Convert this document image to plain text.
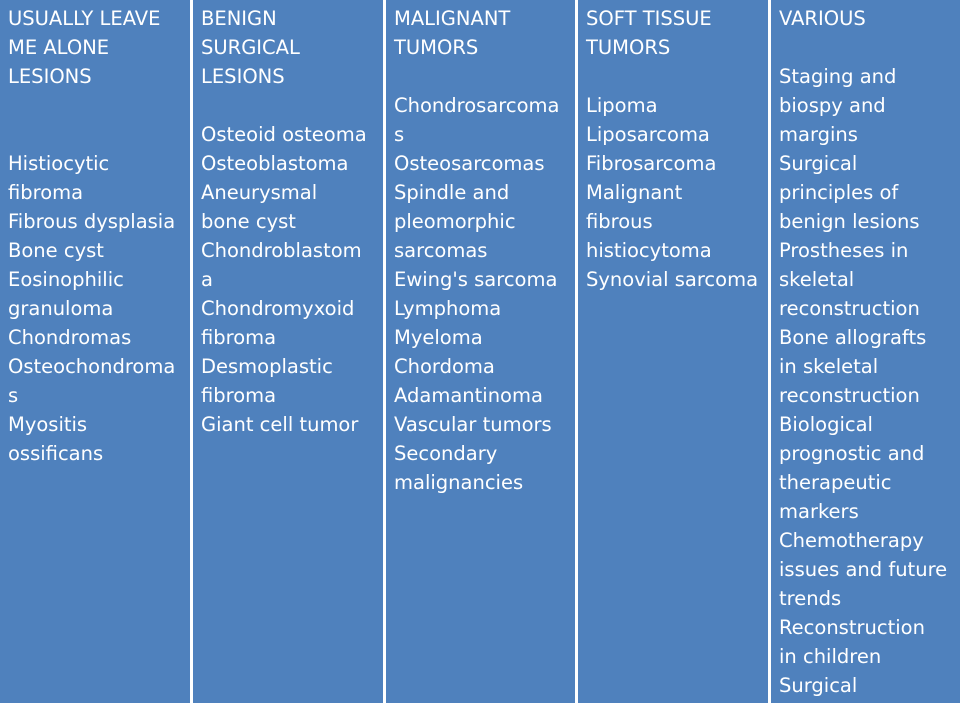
USUALLY LEAVE
ME ALONE
LESIONS
Histiocytic
fibroma
Fibrous dysplasia
Bone cyst
Eosinophilic
granuloma
Chondromas
Osteochondroma
s
Myositis
ossificans
BENIGN
SURGICAL
LESIONS
Osteoid osteoma
Osteoblastoma
Aneurysmal
bone cyst
Chondroblastom
a
Chondromyxoid
fibroma
Desmoplastic
fibroma
Giant cell tumor
MALIGNANT
TUMORS
Chondrosarcoma
s
Osteosarcomas
Spindle and
pleomorphic
sarcomas
Ewing's sarcoma
Lymphoma
Myeloma
Chordoma
Adamantinoma
Vascular tumors
Secondary
malignancies
SOFT TISSUE
TUMORS
Lipoma
Liposarcoma
Fibrosarcoma
Malignant
fibrous
histiocytoma
Synovial sarcoma
VARIOUS
Staging and
biospy and
margins
Surgical
principles of
benign lesions
Prostheses in
skeletal
reconstruction
Bone allografts
in skeletal
reconstruction
Biological
prognostic and
therapeutic
markers
Chemotherapy
issues and future
trends
Reconstruction
in children
Surgical
